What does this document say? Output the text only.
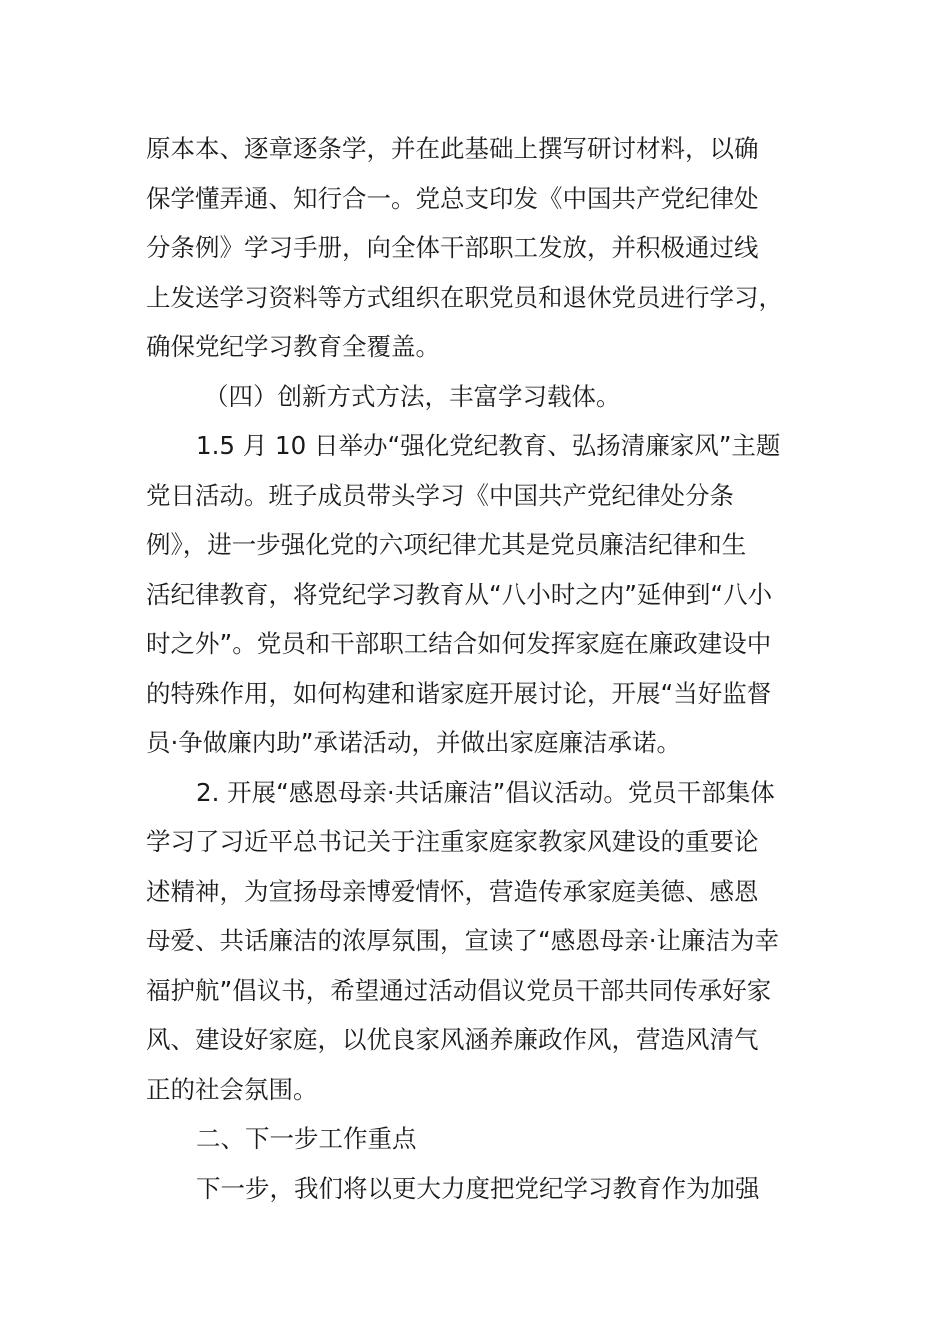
原本本、逐章逐条学，并在此基础上撰写研讨材料，以确
保学懂弄通、知行合一。党总支印发《中国共产党纪律处
分条例》学习手册，向全体干部职工发放，并积极通过线
上发送学习资料等方式组织在职党员和退休党员进行学习，
确保党纪学习教育全覆盖。
（四）创新方式方法，丰富学习载体。
1.5 月 10 日举办“强化党纪教育、弘扬清廉家风”主题
党日活动。班子成员带头学习《中国共产党纪律处分条
例》，进一步强化党的六项纪律尤其是党员廉洁纪律和生
活纪律教育，将党纪学习教育从“八小时之内”延伸到“八小
时之外”。党员和干部职工结合如何发挥家庭在廉政建设中
的特殊作用，如何构建和谐家庭开展讨论，开展“当好监督
员·争做廉内助”承诺活动，并做出家庭廉洁承诺。
2. 开展“感恩母亲·共话廉洁”倡议活动。党员干部集体
学习了习近平总书记关于注重家庭家教家风建设的重要论
述精神，为宣扬母亲博爱情怀，营造传承家庭美德、感恩
母爱、共话廉洁的浓厚氛围，宣读了“感恩母亲·让廉洁为幸
福护航”倡议书，希望通过活动倡议党员干部共同传承好家
风、建设好家庭，以优良家风涵养廉政作风，营造风清气
正的社会氛围。
二、下一步工作重点
下一步，我们将以更大力度把党纪学习教育作为加强
